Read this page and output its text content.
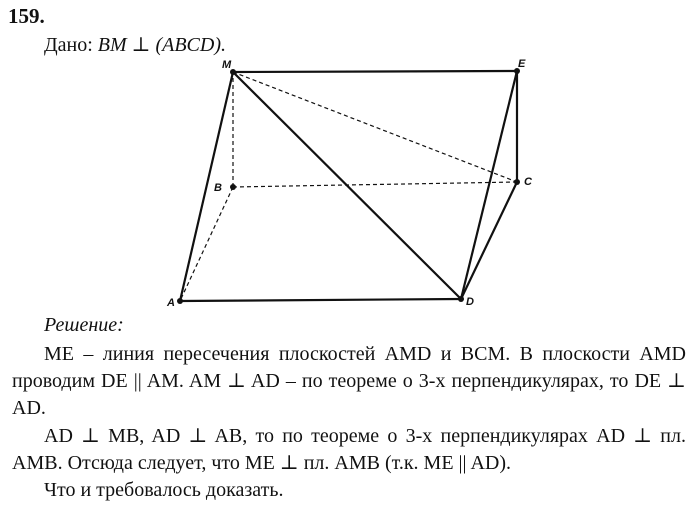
159.
Дано: BM ⊥ (ABCD).
M	E
B	C
A	D
Решение:

ME – линия пересечения плоскостей AMD и BCM. В плоскости AMD проводим DE || AM. AM ⊥ AD – по теореме о 3-х перпендикулярах, то DE ⊥ AD.

AD ⊥ MB, AD ⊥ AB, то по теореме о 3-х перпендикулярах AD ⊥ пл. AMB. Отсюда следует, что ME ⊥ пл. AMB (т.к. ME || AD).

Что и требовалось доказать.
